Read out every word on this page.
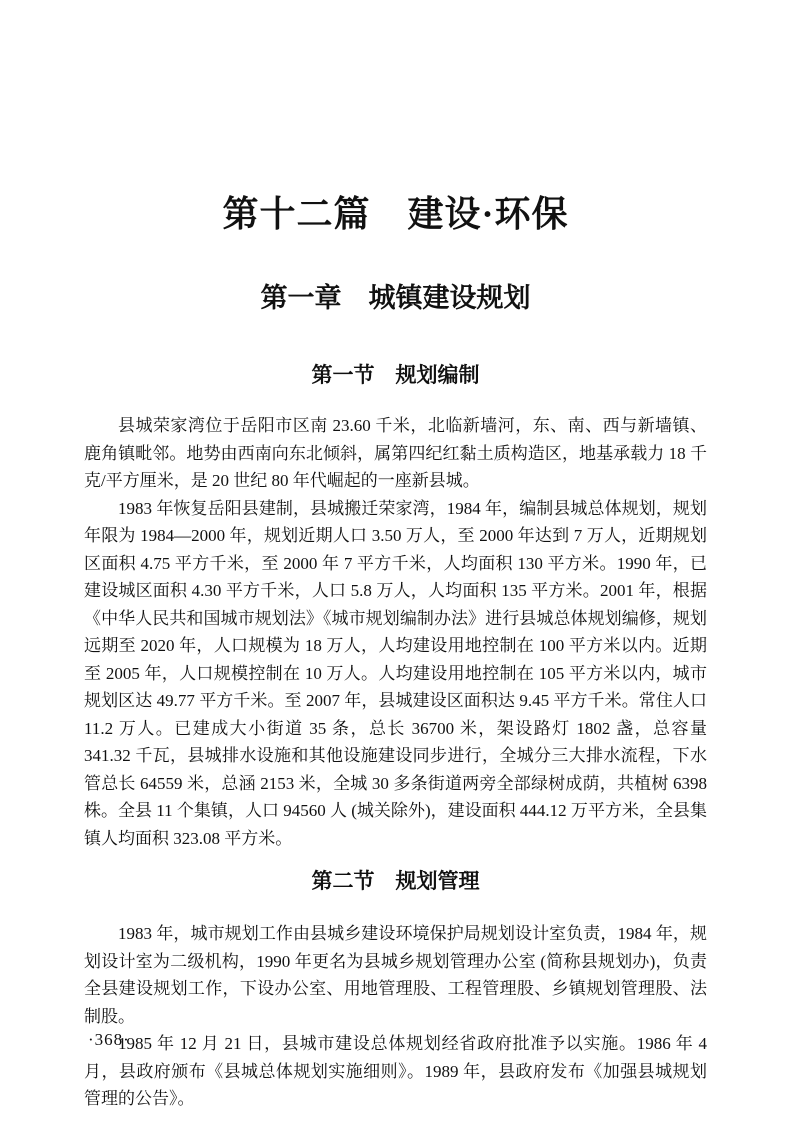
第十二篇　建设·环保
第一章　城镇建设规划
第一节　规划编制

县城荣家湾位于岳阳市区南 23.60 千米，北临新墙河，东、南、西与新墙镇、鹿角镇毗邻。地势由西南向东北倾斜，属第四纪红黏土质构造区，地基承载力 18 千克/平方厘米，是 20 世纪 80 年代崛起的一座新县城。

1983 年恢复岳阳县建制，县城搬迁荣家湾，1984 年，编制县城总体规划，规划年限为 1984—2000 年，规划近期人口 3.50 万人，至 2000 年达到 7 万人，近期规划区面积 4.75 平方千米，至 2000 年 7 平方千米，人均面积 130 平方米。1990 年，已建设城区面积 4.30 平方千米，人口 5.8 万人，人均面积 135 平方米。2001 年，根据《中华人民共和国城市规划法》《城市规划编制办法》进行县城总体规划编修，规划远期至 2020 年，人口规模为 18 万人，人均建设用地控制在 100 平方米以内。近期至 2005 年，人口规模控制在 10 万人。人均建设用地控制在 105 平方米以内，城市规划区达 49.77 平方千米。至 2007 年，县城建设区面积达 9.45 平方千米。常住人口 11.2 万人。已建成大小街道 35 条，总长 36700 米，架设路灯 1802 盏，总容量 341.32 千瓦，县城排水设施和其他设施建设同步进行，全城分三大排水流程，下水管总长 64559 米，总涵 2153 米，全城 30 多条街道两旁全部绿树成荫，共植树 6398 株。全县 11 个集镇，人口 94560 人 (城关除外)，建设面积 444.12 万平方米，全县集镇人均面积 323.08 平方米。

第二节　规划管理

1983 年，城市规划工作由县城乡建设环境保护局规划设计室负责，1984 年，规划设计室为二级机构，1990 年更名为县城乡规划管理办公室 (简称县规划办)，负责全县建设规划工作，下设办公室、用地管理股、工程管理股、乡镇规划管理股、法制股。

1985 年 12 月 21 日，县城市建设总体规划经省政府批准予以实施。1986 年 4 月，县政府颁布《县城总体规划实施细则》。1989 年，县政府发布《加强县城规划管理的公告》。

·368·
